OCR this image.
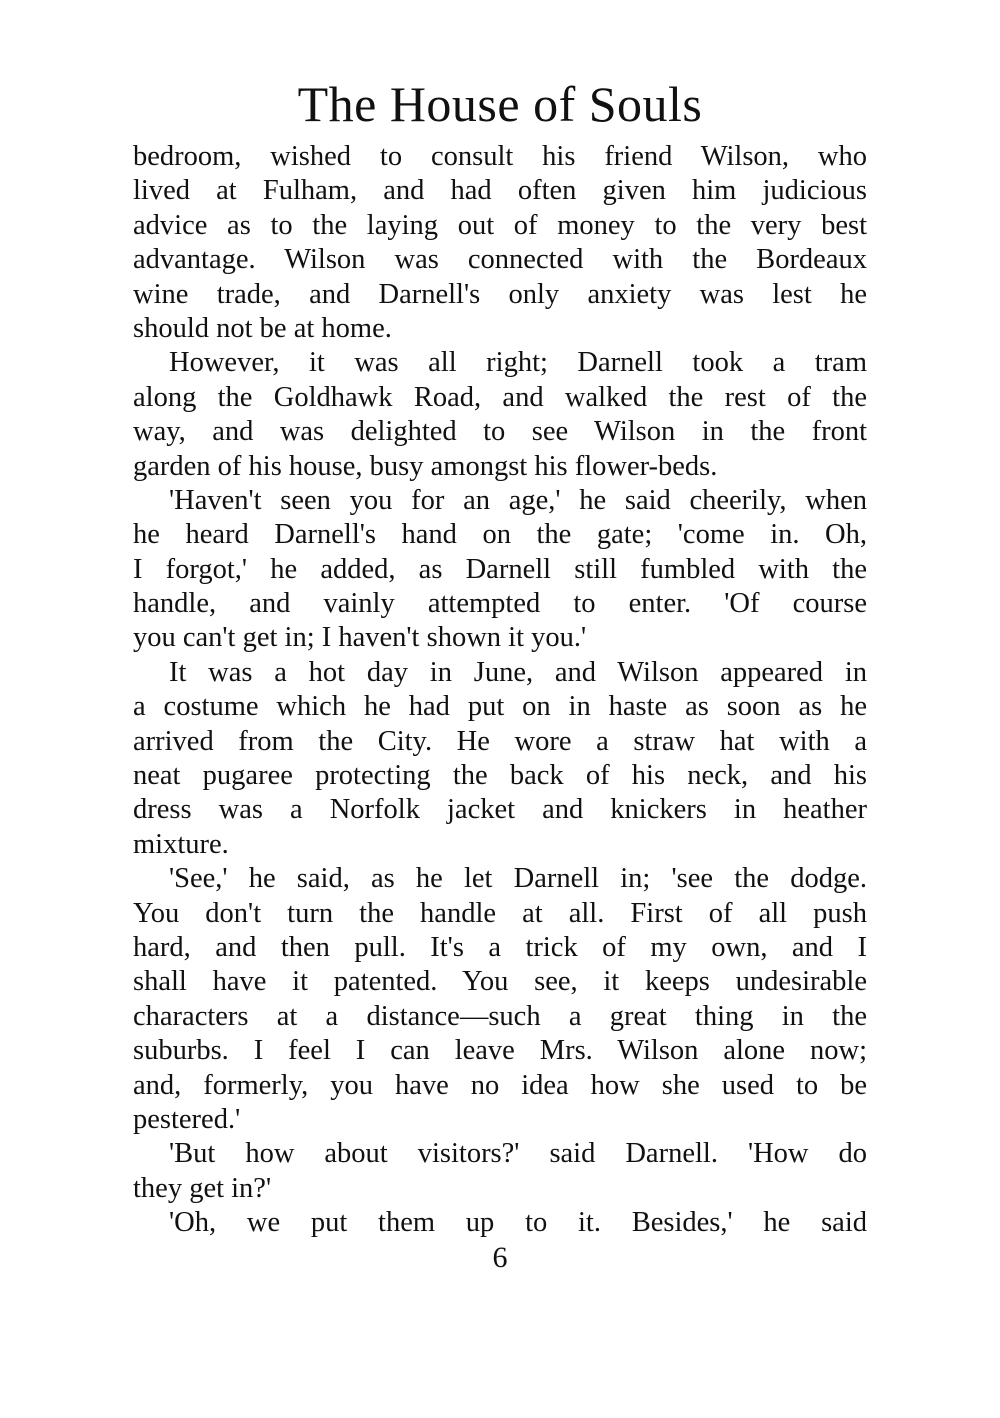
The House of Souls
bedroom, wished to consult his friend Wilson, who
lived at Fulham, and had often given him judicious
advice as to the laying out of money to the very best
advantage. Wilson was connected with the Bordeaux
wine trade, and Darnell's only anxiety was lest he
should not be at home.
However, it was all right; Darnell took a tram
along the Goldhawk Road, and walked the rest of the
way, and was delighted to see Wilson in the front
garden of his house, busy amongst his flower-beds.
'Haven't seen you for an age,' he said cheerily, when
he heard Darnell's hand on the gate; 'come in. Oh,
I forgot,' he added, as Darnell still fumbled with the
handle, and vainly attempted to enter. 'Of course
you can't get in; I haven't shown it you.'
It was a hot day in June, and Wilson appeared in
a costume which he had put on in haste as soon as he
arrived from the City. He wore a straw hat with a
neat pugaree protecting the back of his neck, and his
dress was a Norfolk jacket and knickers in heather
mixture.
'See,' he said, as he let Darnell in; 'see the dodge.
You don't turn the handle at all. First of all push
hard, and then pull. It's a trick of my own, and I
shall have it patented. You see, it keeps undesirable
characters at a distance—such a great thing in the
suburbs. I feel I can leave Mrs. Wilson alone now;
and, formerly, you have no idea how she used to be
pestered.'
'But how about visitors?' said Darnell. 'How do
they get in?'
'Oh, we put them up to it. Besides,' he said
6
